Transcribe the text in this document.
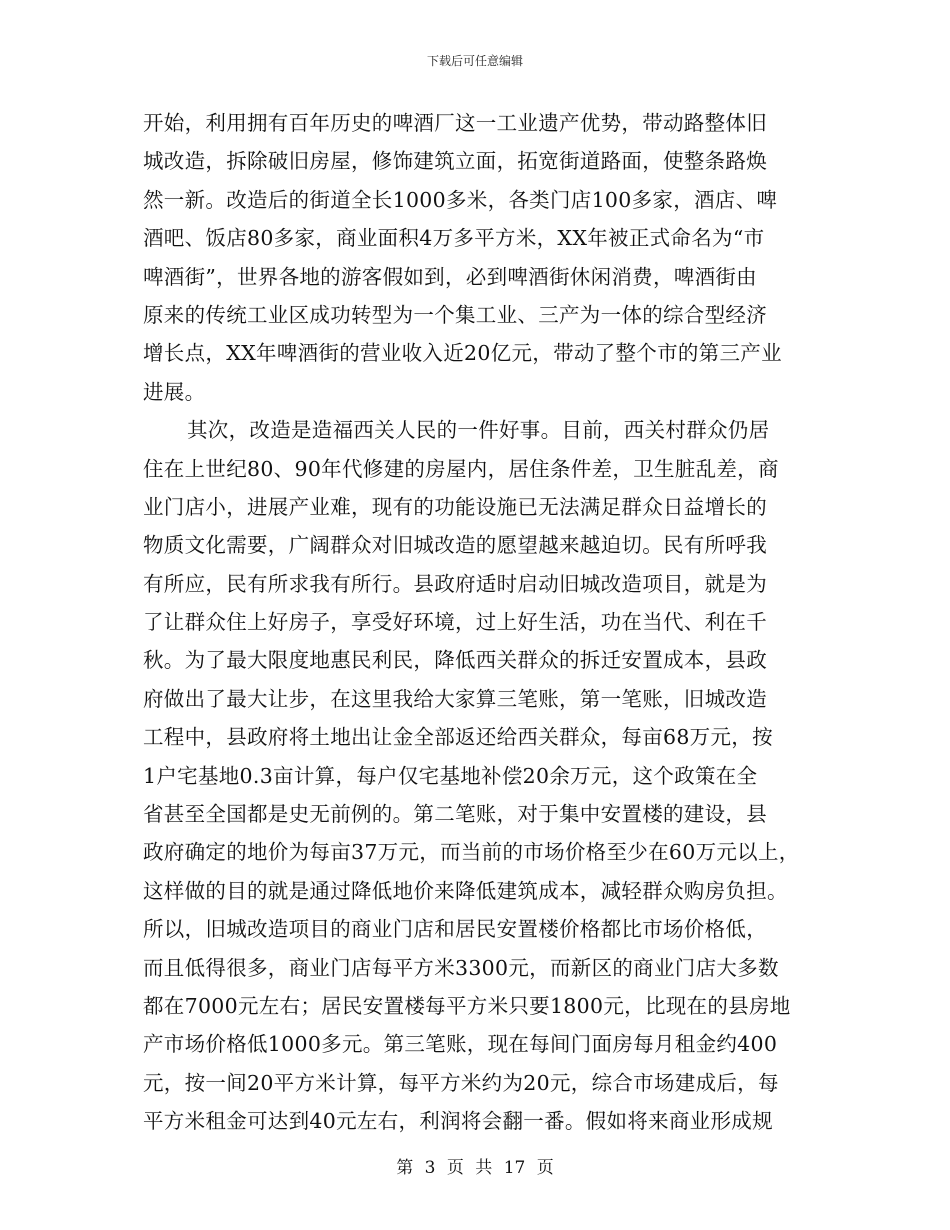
下载后可任意编辑
开始，利用拥有百年历史的啤酒厂这一工业遗产优势，带动路整体旧
城改造，拆除破旧房屋，修饰建筑立面，拓宽街道路面，使整条路焕
然一新。改造后的街道全长1000多米，各类门店100多家，酒店、啤
酒吧、饭店80多家，商业面积4万多平方米，XX年被正式命名为“市
啤酒街”，世界各地的游客假如到，必到啤酒街休闲消费，啤酒街由
原来的传统工业区成功转型为一个集工业、三产为一体的综合型经济
增长点，XX年啤酒街的营业收入近20亿元，带动了整个市的第三产业
进展。
其次，改造是造福西关人民的一件好事。目前，西关村群众仍居
住在上世纪80、90年代修建的房屋内，居住条件差，卫生脏乱差，商
业门店小，进展产业难，现有的功能设施已无法满足群众日益增长的
物质文化需要，广阔群众对旧城改造的愿望越来越迫切。民有所呼我
有所应，民有所求我有所行。县政府适时启动旧城改造项目，就是为
了让群众住上好房子，享受好环境，过上好生活，功在当代、利在千
秋。为了最大限度地惠民利民，降低西关群众的拆迁安置成本，县政
府做出了最大让步，在这里我给大家算三笔账，第一笔账，旧城改造
工程中，县政府将土地出让金全部返还给西关群众，每亩68万元，按
1户宅基地0.3亩计算，每户仅宅基地补偿20余万元，这个政策在全
省甚至全国都是史无前例的。第二笔账，对于集中安置楼的建设，县
政府确定的地价为每亩37万元，而当前的市场价格至少在60万元以上，
这样做的目的就是通过降低地价来降低建筑成本，减轻群众购房负担。
所以，旧城改造项目的商业门店和居民安置楼价格都比市场价格低，
而且低得很多，商业门店每平方米3300元，而新区的商业门店大多数
都在7000元左右；居民安置楼每平方米只要1800元，比现在的县房地
产市场价格低1000多元。第三笔账，现在每间门面房每月租金约400
元，按一间20平方米计算，每平方米约为20元，综合市场建成后，每
平方米租金可达到40元左右，利润将会翻一番。假如将来商业形成规
第 3 页 共 17 页
